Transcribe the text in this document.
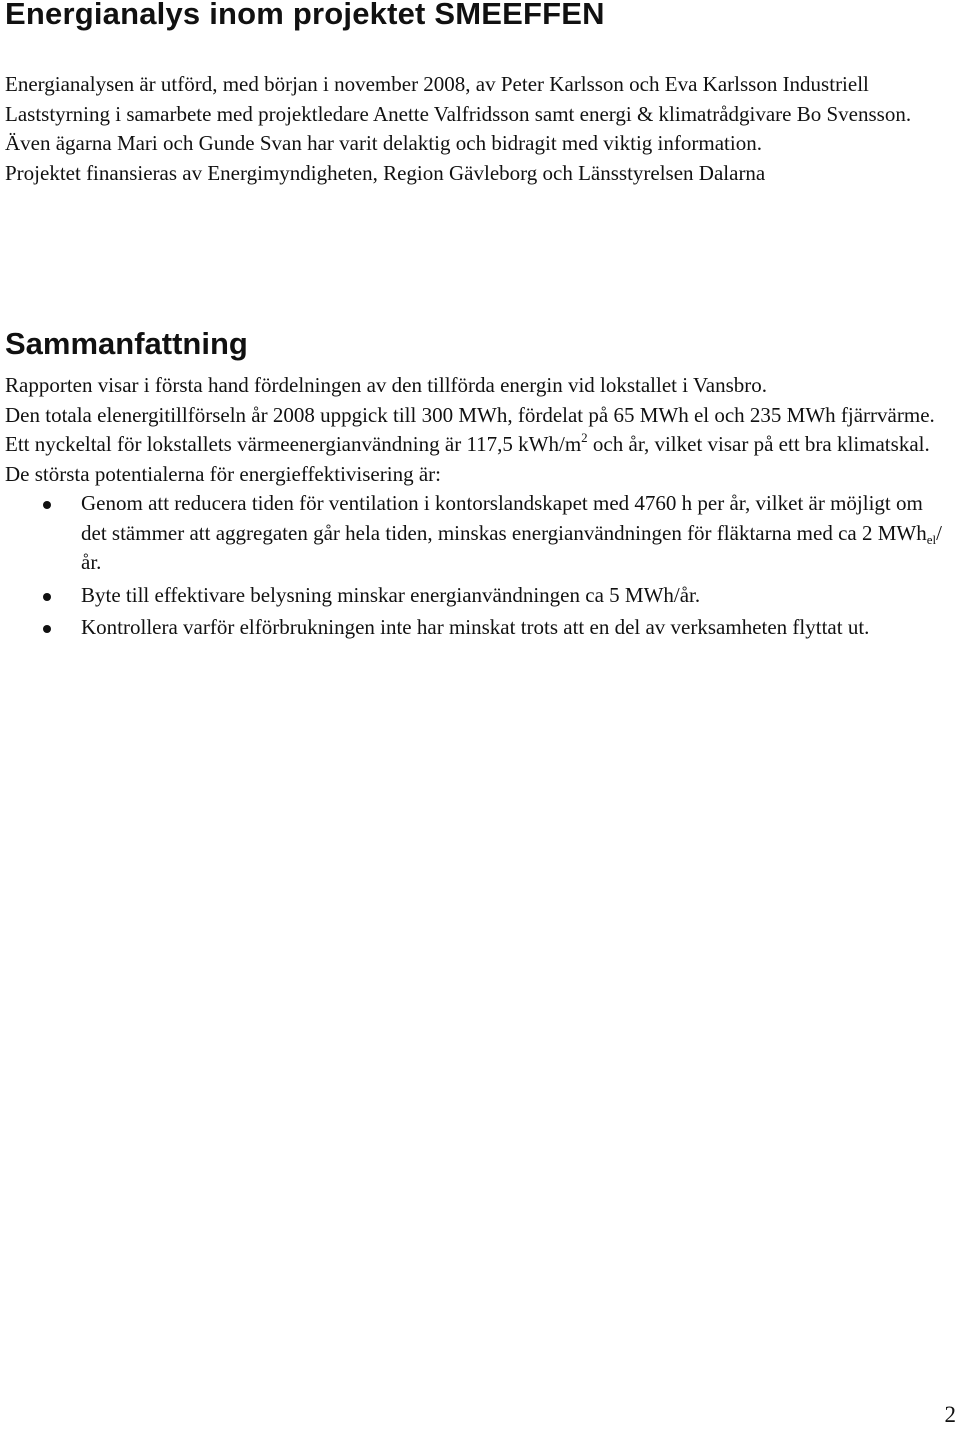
Energianalys inom projektet SMEEFFEN

Energianalysen är utförd, med början i november 2008, av Peter Karlsson och Eva Karlsson Industriell Laststyrning i samarbete med projektledare Anette Valfridsson samt energi & klimatrådgivare Bo Svensson.

Även ägarna Mari och Gunde Svan har varit delaktig och bidragit med viktig information.

Projektet finansieras av Energimyndigheten, Region Gävleborg och Länsstyrelsen Dalarna

Sammanfattning

Rapporten visar i första hand fördelningen av den tillförda energin vid lokstallet i Vansbro.

Den totala elenergitillförseln år 2008 uppgick till 300 MWh, fördelat på 65 MWh el och 235 MWh fjärrvärme.

Ett nyckeltal för lokstallets värmeenergianvändning är 117,5 kWh/$m^2$ och år, vilket visar på ett bra klimatskal.

De största potentialerna för energieffektivisering är:

Genom att reducera tiden för ventilation i kontorslandskapet med 4760 h per år, vilket är möjligt om det stämmer att aggregaten går hela tiden, minskas energianvändningen för fläktarna med ca 2 MWh$_{el}$/år.
Byte till effektivare belysning minskar energianvändningen ca 5 MWh/år.
Kontrollera varför elförbrukningen inte har minskat trots att en del av verksamheten flyttat ut.
2
